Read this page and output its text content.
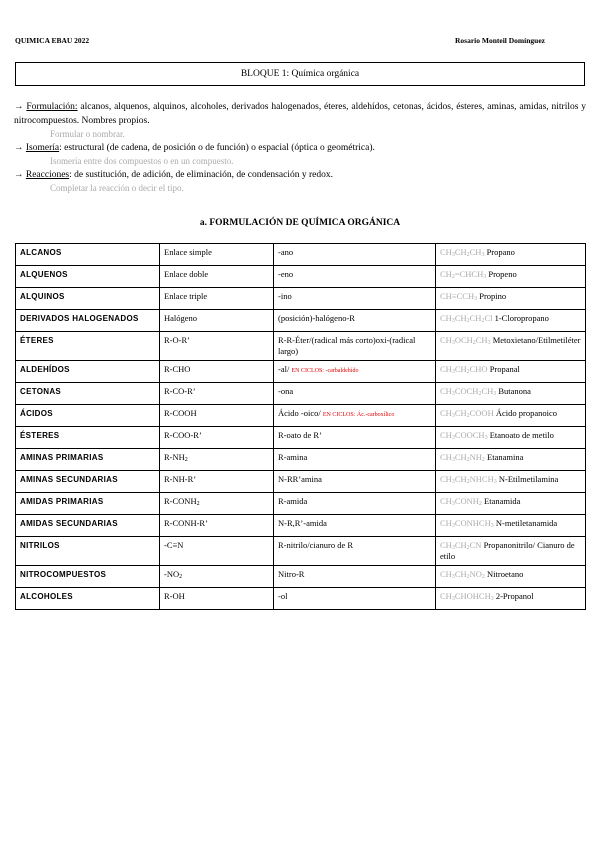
QUIMICA EBAU 2022	Rosario Monteil Domínguez
BLOQUE 1: Química orgánica
→ Formulación: alcanos, alquenos, alquinos, alcoholes, derivados halogenados, éteres, aldehídos, cetonas, ácidos, ésteres, aminas, amidas, nitrilos y nitrocompuestos. Nombres propios.
Formular o nombrar.
→ Isomería: estructural (de cadena, de posición o de función) o espacial (óptica o geométrica).
Isomería entre dos compuestos o en un compuesto.
→ Reacciones: de sustitución, de adición, de eliminación, de condensación y redox.
Completar la reacción o decir el tipo.
a. FORMULACIÓN DE QUÍMICA ORGÁNICA
ALCANOS	Enlace simple	-ano	$CH_3CH_2CH_3$ Propano
ALQUENOS	Enlace doble	-eno	$CH_2=CHCH_3$ Propeno
ALQUINOS	Enlace triple	-ino	$CH\equiv CCH_3$ Propino
DERIVADOS HALOGENADOS	Halógeno	(posición)-halógeno-R	$CH_3CH_2CH_2Cl$ 1-Cloropropano
ÉTERES	R-O-R’	R-R-Éter/(radical más corto)oxi-(radical largo)	$CH_3OCH_2CH_3$ Metoxietano/Etilmetiléter
ALDEHÍDOS	R-CHO	-al/ EN CICLOS: -carbaldehído	$CH_3CH_2CHO$ Propanal
CETONAS	R-CO-R’	-ona	$CH_3COCH_2CH_3$ Butanona
ÁCIDOS	R-COOH	Ácido -oico/ EN CICLOS: Ác.-carboxílico	$CH_3CH_2COOH$ Ácido propanoico
ÉSTERES	R-COO-R’	R-oato de R’	$CH_3COOCH_3$ Etanoato de metilo
AMINAS PRIMARIAS	$R-NH_2$	R-amina	$CH_3CH_2NH_2$ Etanamina
AMINAS SECUNDARIAS	R-NH-R’	N-RR’amina	$CH_3CH_2NHCH_3$ N-Etilmetilamina
AMIDAS PRIMARIAS	$R-CONH_2$	R-amida	$CH_3CONH_2$ Etanamida
AMIDAS SECUNDARIAS	R-CONH-R’	N-R,R’-amida	$CH_3CONHCH_3$ N-metiletanamida
NITRILOS	-C≡N	R-nitrilo/cianuro de R	$CH_3CH_2CN$ Propanonitrilo/ Cianuro de etilo
NITROCOMPUESTOS	$-NO_2$	Nitro-R	$CH_3CH_2NO_2$ Nitroetano
ALCOHOLES	R-OH	-ol	$CH_3CHOHCH_3$ 2-Propanol
